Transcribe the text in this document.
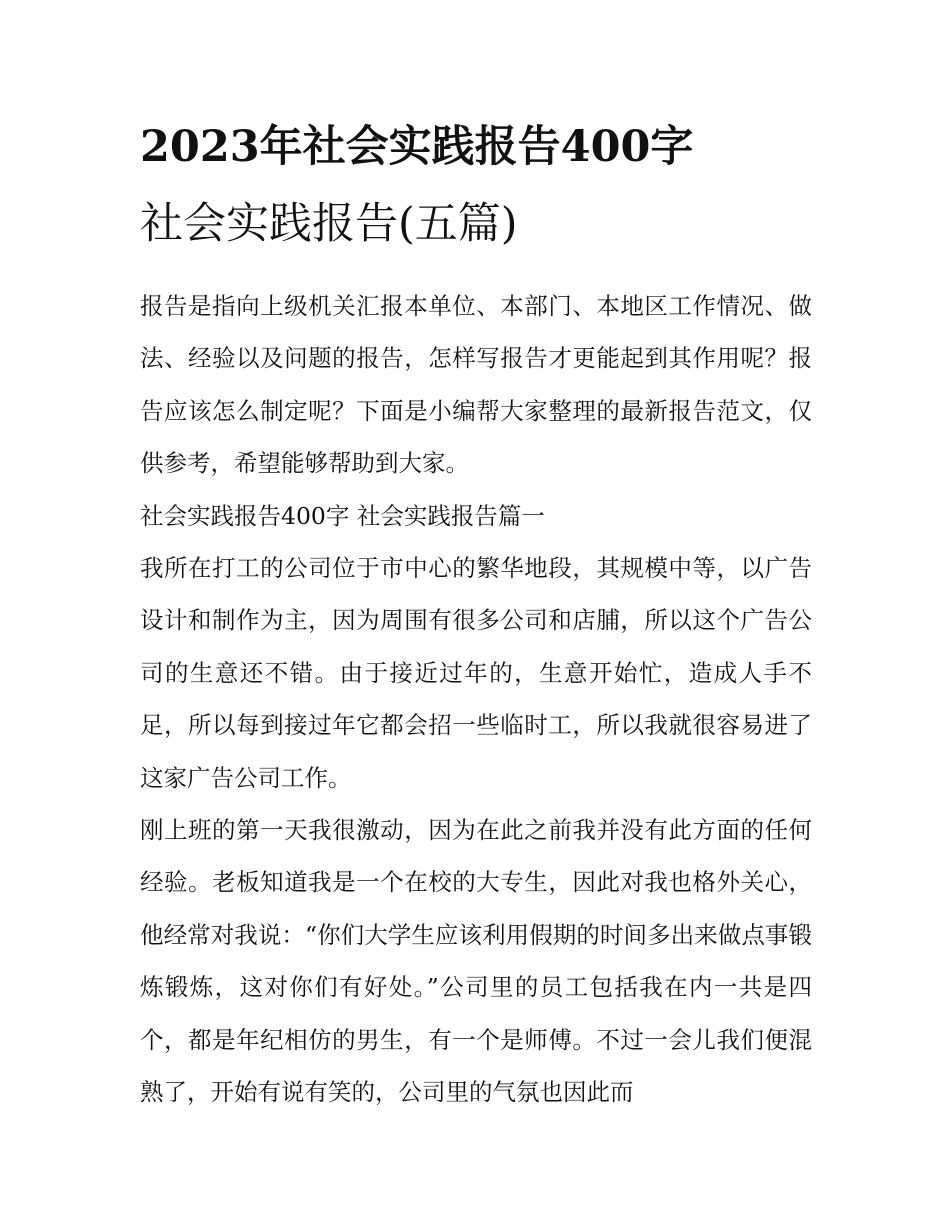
2023年社会实践报告400字
社会实践报告(五篇)

报告是指向上级机关汇报本单位、本部门、本地区工作情况、做法、经验以及问题的报告，怎样写报告才更能起到其作用呢？报告应该怎么制定呢？下面是小编帮大家整理的最新报告范文，仅供参考，希望能够帮助到大家。

社会实践报告400字 社会实践报告篇一

我所在打工的公司位于市中心的繁华地段，其规模中等，以广告设计和制作为主，因为周围有很多公司和店脯，所以这个广告公司的生意还不错。由于接近过年的，生意开始忙，造成人手不足，所以每到接过年它都会招一些临时工，所以我就很容易进了这家广告公司工作。

刚上班的第一天我很激动，因为在此之前我并没有此方面的任何经验。老板知道我是一个在校的大专生，因此对我也格外关心，他经常对我说：“你们大学生应该利用假期的时间多出来做点事锻炼锻炼，这对你们有好处。”公司里的员工包括我在内一共是四个，都是年纪相仿的男生，有一个是师傅。不过一会儿我们便混熟了，开始有说有笑的，公司里的气氛也因此而
